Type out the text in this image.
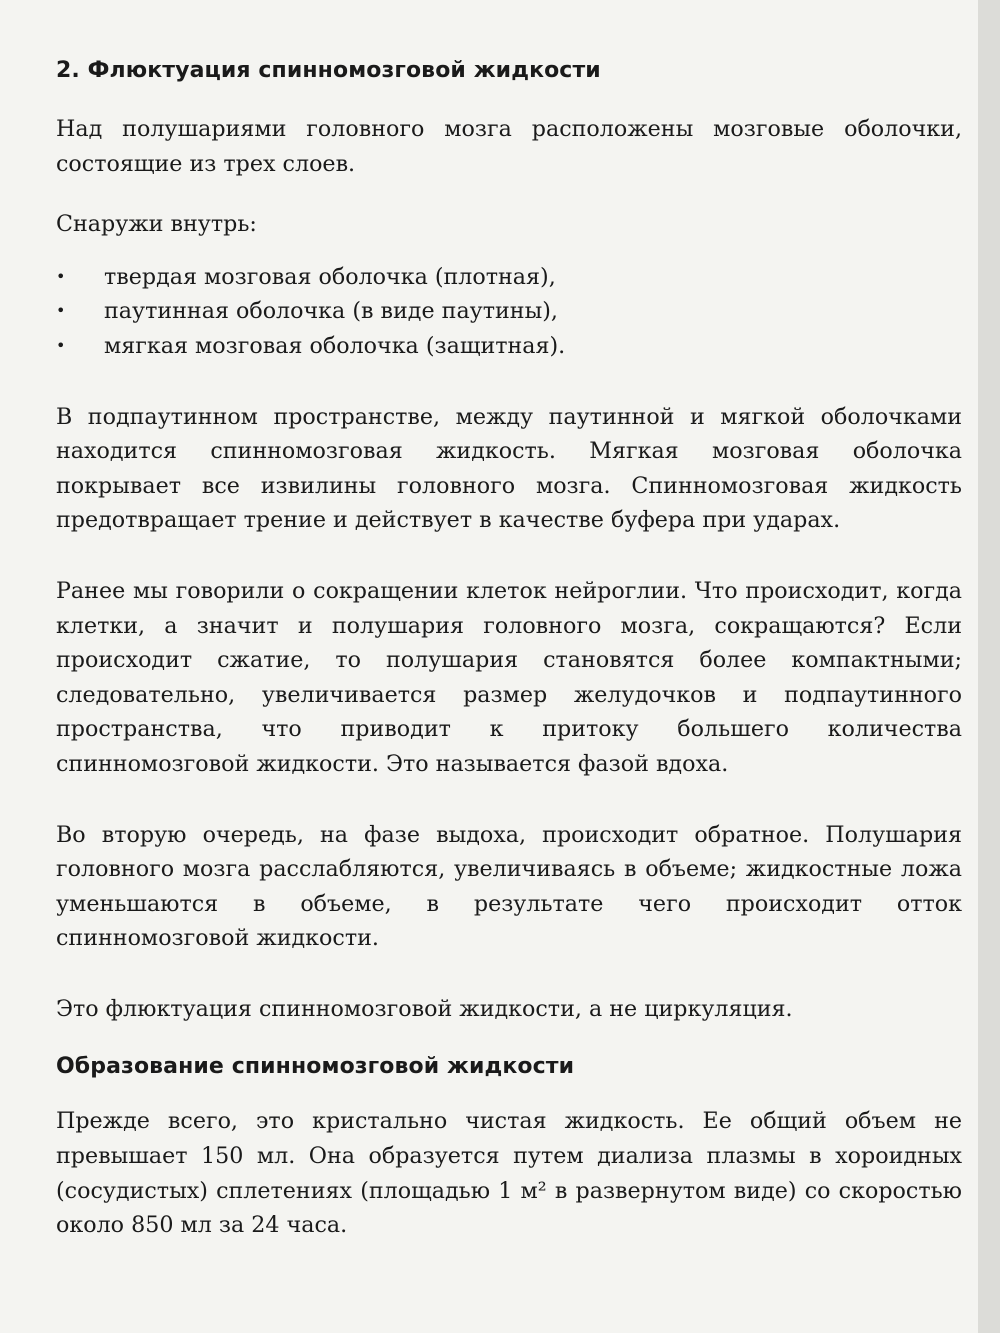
2. Флюктуация спинномозговой жидкости

Над полушариями головного мозга расположены мозговые оболочки, состоящие из трех слоев.

Снаружи внутрь:

• твердая мозговая оболочка (плотная),
• паутинная оболочка (в виде паутины),
• мягкая мозговая оболочка (защитная).

В подпаутинном пространстве, между паутинной и мягкой оболочками находится спинномозговая жидкость. Мягкая мозговая оболочка покрывает все извилины головного мозга. Спинномозговая жидкость предотвращает трение и действует в качестве буфера при ударах.

Ранее мы говорили о сокращении клеток нейроглии. Что происходит, когда клетки, а значит и полушария головного мозга, сокращаются? Если происходит сжатие, то полушария становятся более компактными; следовательно, увеличивается размер желудочков и подпаутинного пространства, что приводит к притоку большего количества спинномозговой жидкости. Это называется фазой вдоха.

Во вторую очередь, на фазе выдоха, происходит обратное. Полушария головного мозга расслабляются, увеличиваясь в объеме; жидкостные ложа уменьшаются в объеме, в результате чего происходит отток спинномозговой жидкости.

Это флюктуация спинномозговой жидкости, а не циркуляция.

Образование спинномозговой жидкости

Прежде всего, это кристально чистая жидкость. Ее общий объем не превышает 150 мл. Она образуется путем диализа плазмы в хороидных (сосудистых) сплетениях (площадью 1 м² в развернутом виде) со скоростью около 850 мл за 24 часа.
